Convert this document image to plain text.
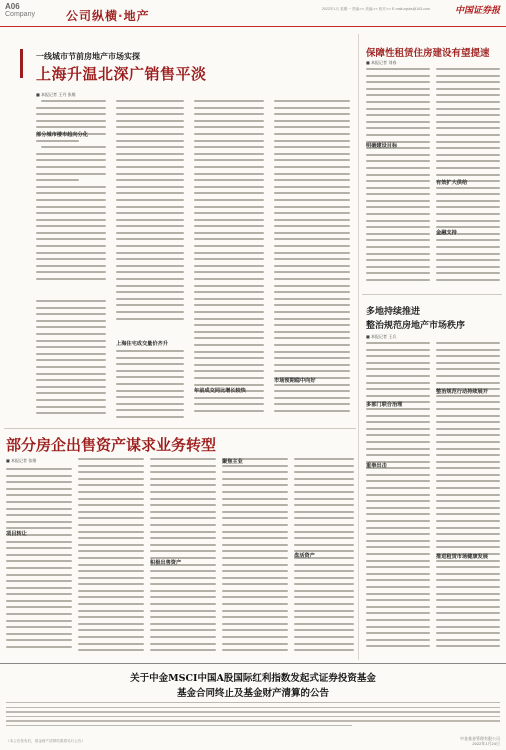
A06
Company	公司纵横·地产	2022年1月 星期一 责编:×× 美编:×× 校对:×× E-mail:zqsbs@163.com	中国证券报
一线城市节前房地产市场实探
上海升温北深广销售平淡
■ 本报记者 王丹 张维
部分城市楼市趋向分化
上海住宅成交量价齐升
年前成交同比增长较快
市场预期稳中向好
保障性租赁住房建设有望提速
■ 本报记者 刘春
明确建设目标
有效扩大供给
金融支持
多地持续推进
整治规范房地产市场秩序
■ 本报记者 王兵
多部门联合治理
重拳出击
整治规范行动持续展开
推进租赁市场健康发展
部分房企出售资产谋求业务转型
■ 本报记者 张维
项目转让
积极出售资产
聚焦主业
盘活资产
关于中金MSCI中国A股国际红利指数发起式证券投资基金
基金合同终止及基金财产清算的公告
（本公告发布后，基金财产清算结果将另行公告）	中金基金管理有限公司
2022年1月24日
